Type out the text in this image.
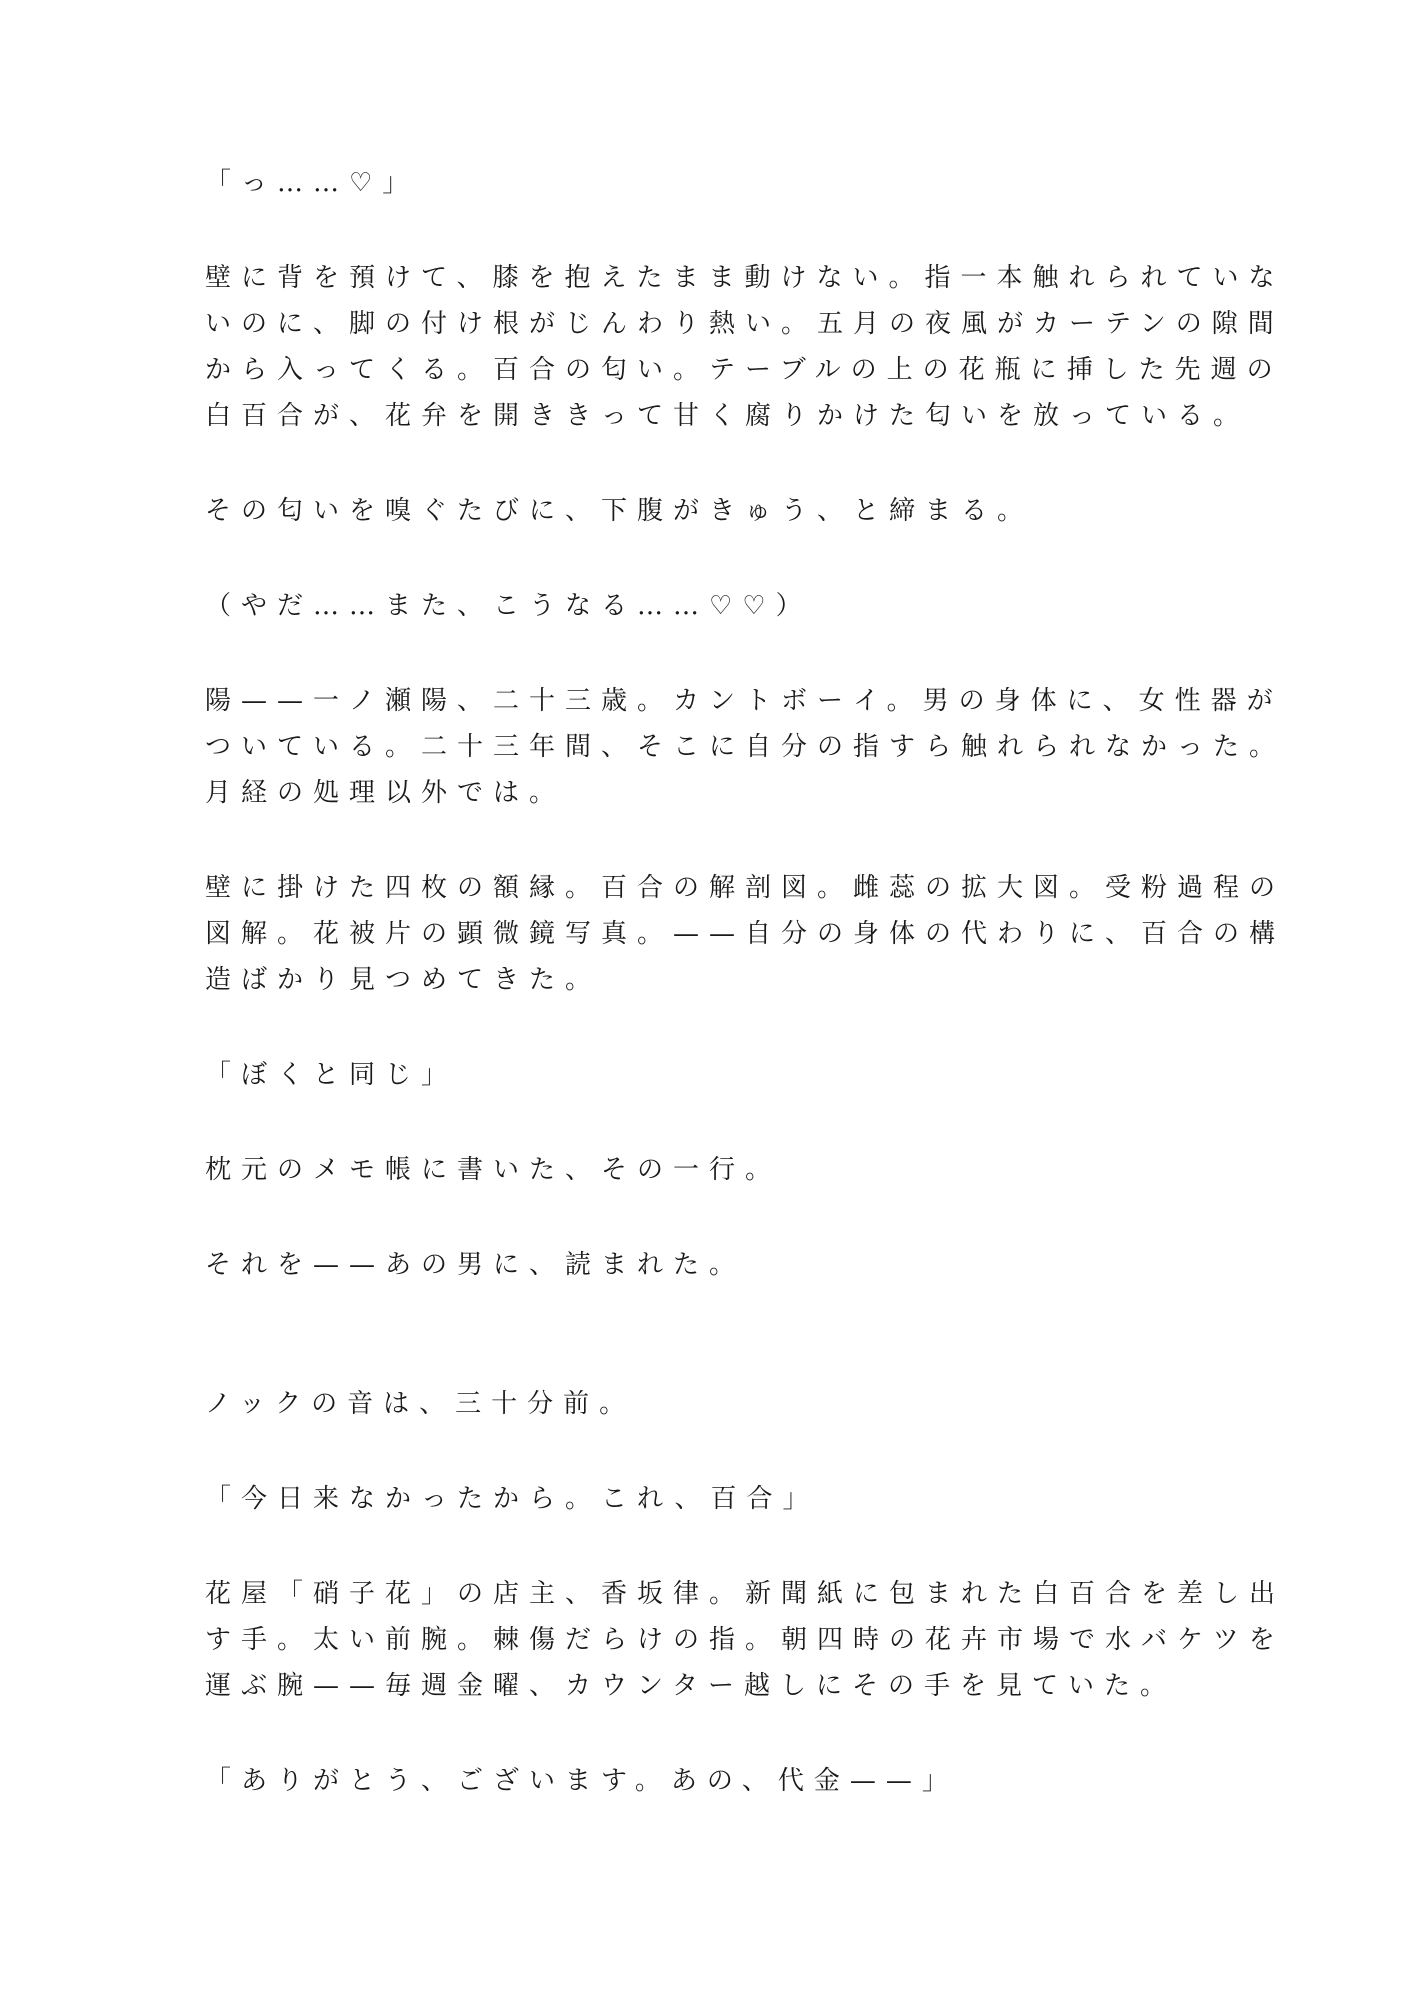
「っ……♡」
壁に背を預けて、膝を抱えたまま動けない。指一本触れられていな
いのに、脚の付け根がじんわり熱い。五月の夜風がカーテンの隙間
から入ってくる。百合の匂い。テーブルの上の花瓶に挿した先週の
白百合が、花弁を開ききって甘く腐りかけた匂いを放っている。
その匂いを嗅ぐたびに、下腹がきゅう、と締まる。
（やだ……また、こうなる……♡♡）
陽——一ノ瀬陽、二十三歳。カントボーイ。男の身体に、女性器が
ついている。二十三年間、そこに自分の指すら触れられなかった。
月経の処理以外では。
壁に掛けた四枚の額縁。百合の解剖図。雌蕊の拡大図。受粉過程の
図解。花被片の顕微鏡写真。——自分の身体の代わりに、百合の構
造ばかり見つめてきた。
「ぼくと同じ」
枕元のメモ帳に書いた、その一行。
それを——あの男に、読まれた。
ノックの音は、三十分前。
「今日来なかったから。これ、百合」
花屋「硝子花」の店主、香坂律。新聞紙に包まれた白百合を差し出
す手。太い前腕。棘傷だらけの指。朝四時の花卉市場で水バケツを
運ぶ腕——毎週金曜、カウンター越しにその手を見ていた。
「ありがとう、ございます。あの、代金——」
